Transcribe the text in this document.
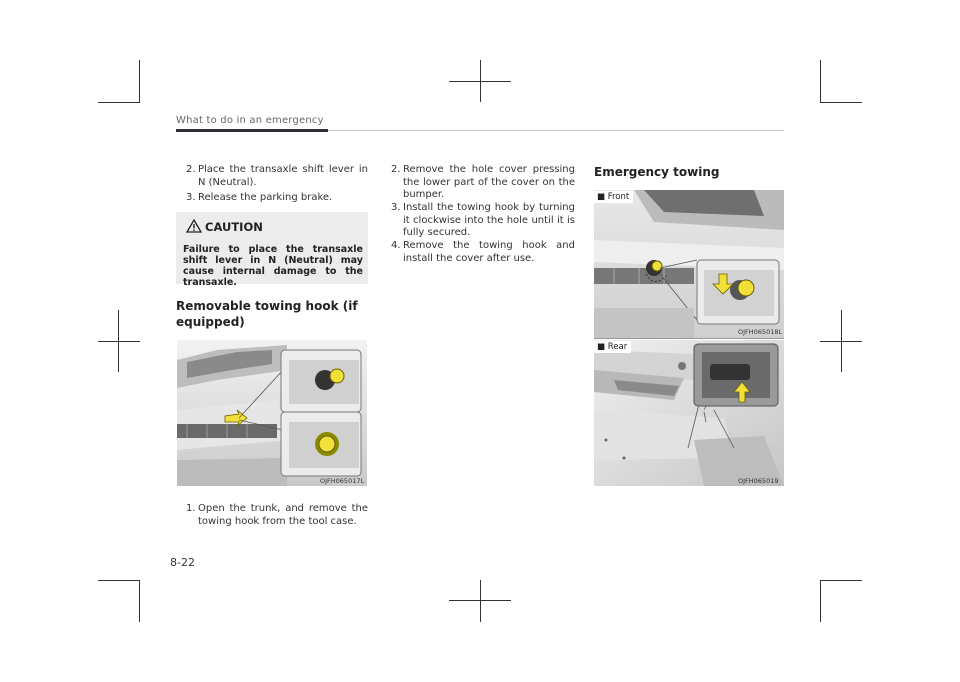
What to do in an emergency
2. Place the transaxle shift lever in N (Neutral).
3. Release the parking brake.
CAUTION
Failure to place the transaxle shift lever in N (Neutral) may cause internal damage to the transaxle.
Removable towing hook (if equipped)
OJFH065017L
1. Open the trunk, and remove the towing hook from the tool case.
2. Remove the hole cover pressing the lower part of the cover on the bumper.
3. Install the towing hook by turning it clockwise into the hole until it is fully secured.
4. Remove the towing hook and install the cover after use.
Emergency towing
■ Front
OJFH065018L
■ Rear
OJFH065019
8-22
